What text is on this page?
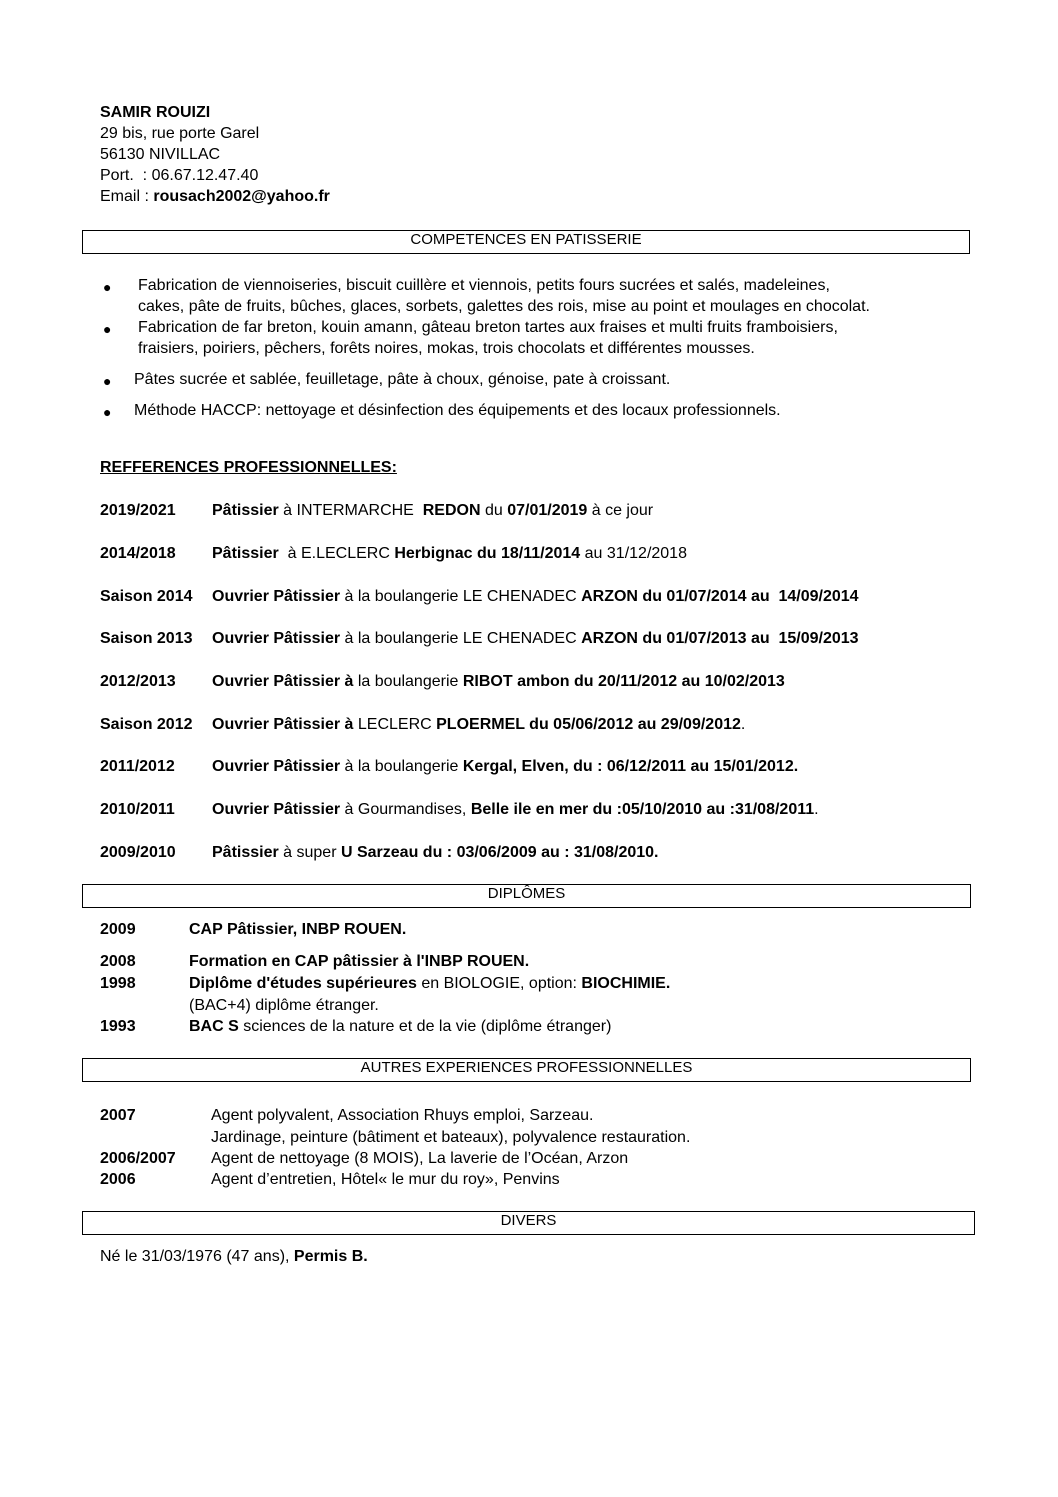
SAMIR ROUIZI
29 bis, rue porte Garel
56130 NIVILLAC
Port.  : 06.67.12.47.40
Email : rousach2002@yahoo.fr
COMPETENCES EN PATISSERIE
● Fabrication de viennoiseries, biscuit cuillère et viennois, petits fours sucrées et salés, madeleines,
cakes, pâte de fruits, bûches, glaces, sorbets, galettes des rois, mise au point et moulages en chocolat.
● Fabrication de far breton, kouin amann, gâteau breton tartes aux fraises et multi fruits framboisiers,
fraisiers, poiriers, pêchers, forêts noires, mokas, trois chocolats et différentes mousses.
● Pâtes sucrée et sablée, feuilletage, pâte à choux, génoise, pate à croissant.
● Méthode HACCP: nettoyage et désinfection des équipements et des locaux professionnels.
REFFERENCES PROFESSIONNELLES:
2019/2021 Pâtissier à INTERMARCHE  REDON du 07/01/2019 à ce jour
2014/2018 Pâtissier  à E.LECLERC Herbignac du 18/11/2014 au 31/12/2018
Saison 2014 Ouvrier Pâtissier à la boulangerie LE CHENADEC ARZON du 01/07/2014 au  14/09/2014
Saison 2013 Ouvrier Pâtissier à la boulangerie LE CHENADEC ARZON du 01/07/2013 au  15/09/2013
2012/2013 Ouvrier Pâtissier à la boulangerie RIBOT ambon du 20/11/2012 au 10/02/2013
Saison 2012 Ouvrier Pâtissier à LECLERC PLOERMEL du 05/06/2012 au 29/09/2012.
2011/2012 Ouvrier Pâtissier à la boulangerie Kergal, Elven, du : 06/12/2011 au 15/01/2012.
2010/2011 Ouvrier Pâtissier à Gourmandises, Belle ile en mer du :05/10/2010 au :31/08/2011.
2009/2010 Pâtissier à super U Sarzeau du : 03/06/2009 au : 31/08/2010.
DIPLÔMES
2009	CAP Pâtissier, INBP ROUEN.
2008	Formation en CAP pâtissier à l'INBP ROUEN.
1998	Diplôme d'études supérieures en BIOLOGIE, option: BIOCHIMIE.
(BAC+4) diplôme étranger.
1993	BAC S sciences de la nature et de la vie (diplôme étranger)
AUTRES EXPERIENCES PROFESSIONNELLES
2007	Agent polyvalent, Association Rhuys emploi, Sarzeau.
Jardinage, peinture (bâtiment et bateaux), polyvalence restauration.
2006/2007 Agent de nettoyage (8 MOIS), La laverie de l’Océan, Arzon
2006	Agent d’entretien, Hôtel« le mur du roy», Penvins
DIVERS
Né le 31/03/1976 (47 ans), Permis B.
